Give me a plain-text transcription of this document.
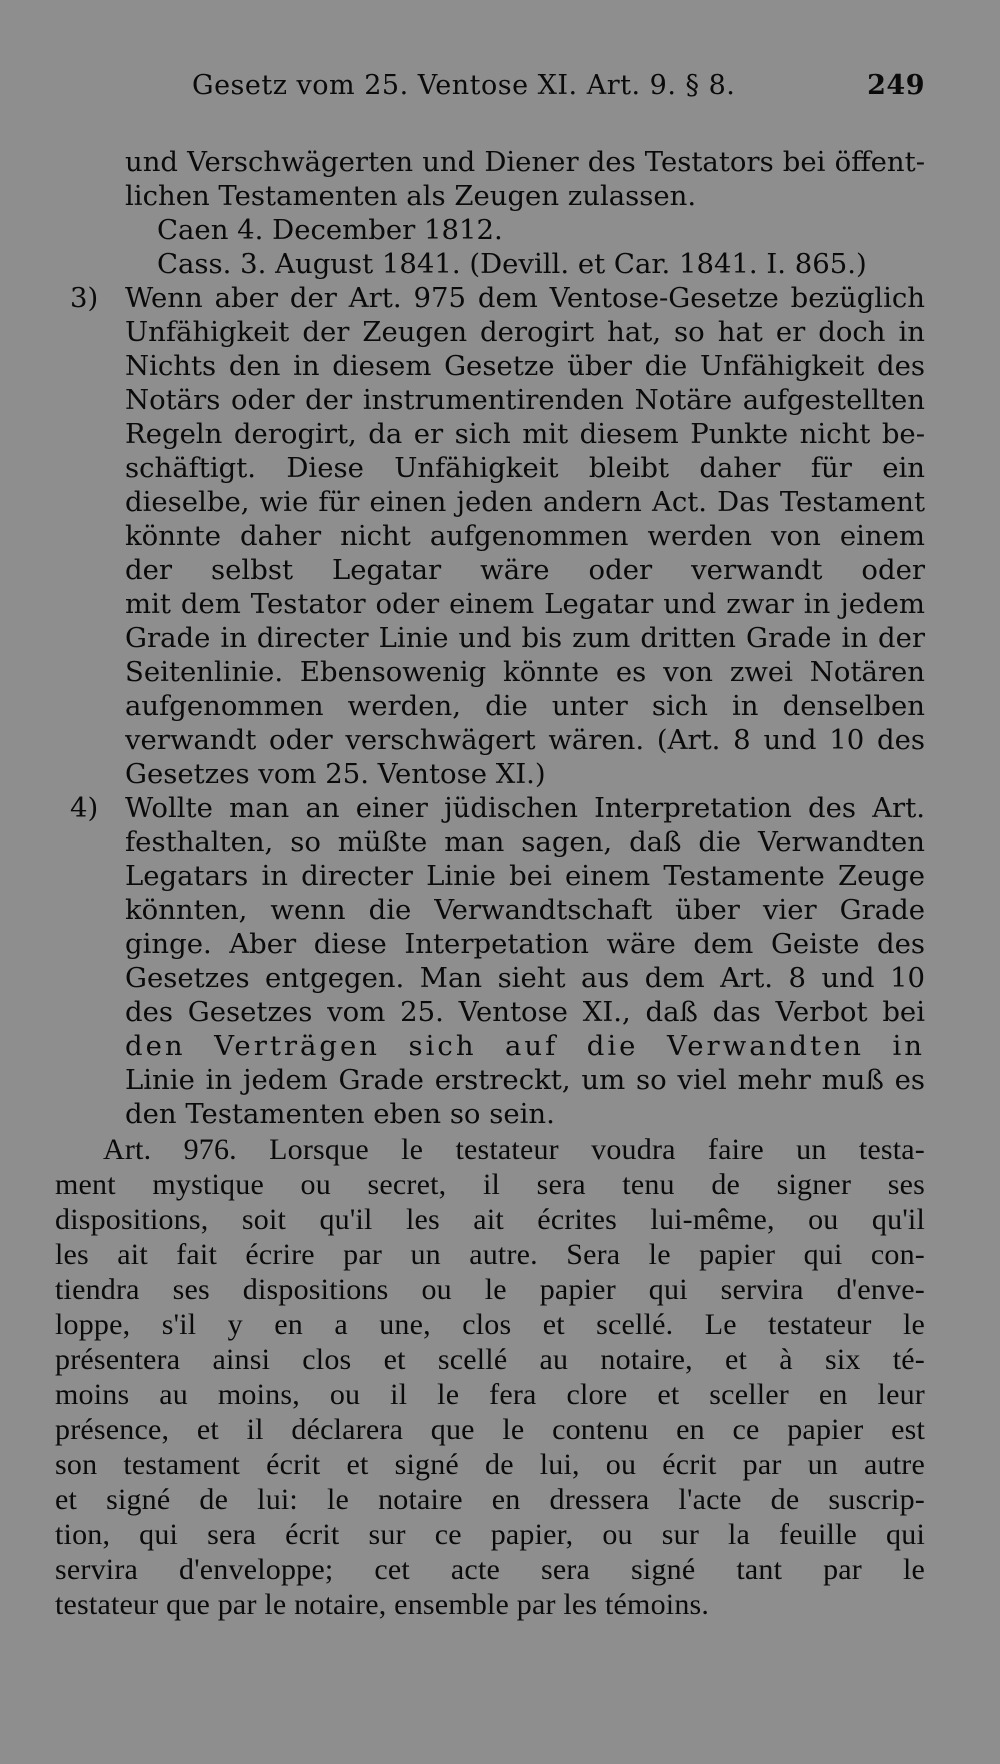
Gesetz vom 25. Ventose XI. Art. 9. § 8.	249
und Verschwägerten und Diener des Testators bei öffent-
lichen Testamenten als Zeugen zulassen.
Caen 4. December 1812.
Cass. 3. August 1841. (Devill. et Car. 1841. I. 865.)
3) Wenn aber der Art. 975 dem Ventose-Gesetze bezüglich
Unfähigkeit der Zeugen derogirt hat, so hat er doch in
Nichts den in diesem Gesetze über die Unfähigkeit des
Notärs oder der instrumentirenden Notäre aufgestellten
Regeln derogirt, da er sich mit diesem Punkte nicht be-
schäftigt. Diese Unfähigkeit bleibt daher für ein
dieselbe, wie für einen jeden andern Act. Das Testament
könnte daher nicht aufgenommen werden von einem
der selbst Legatar wäre oder verwandt oder
mit dem Testator oder einem Legatar und zwar in jedem
Grade in directer Linie und bis zum dritten Grade in der
Seitenlinie. Ebensowenig könnte es von zwei Notären
aufgenommen werden, die unter sich in denselben
verwandt oder verschwägert wären. (Art. 8 und 10 des
Gesetzes vom 25. Ventose XI.)
4) Wollte man an einer jüdischen Interpretation des Art.
festhalten, so müßte man sagen, daß die Verwandten
Legatars in directer Linie bei einem Testamente Zeuge
könnten, wenn die Verwandtschaft über vier Grade
ginge. Aber diese Interpetation wäre dem Geiste des
Gesetzes entgegen. Man sieht aus dem Art. 8 und 10
des Gesetzes vom 25. Ventose XI., daß das Verbot bei
den Verträgen sich auf die Verwandten in
Linie in jedem Grade erstreckt, um so viel mehr muß es
den Testamenten eben so sein.
Art. 976. Lorsque le testateur voudra faire un testa-
ment mystique ou secret, il sera tenu de signer ses
dispositions, soit qu'il les ait écrites lui-même, ou qu'il
les ait fait écrire par un autre. Sera le papier qui con-
tiendra ses dispositions ou le papier qui servira d'enve-
loppe, s'il y en a une, clos et scellé. Le testateur le
présentera ainsi clos et scellé au notaire, et à six té-
moins au moins, ou il le fera clore et sceller en leur
présence, et il déclarera que le contenu en ce papier est
son testament écrit et signé de lui, ou écrit par un autre
et signé de lui: le notaire en dressera l'acte de suscrip-
tion, qui sera écrit sur ce papier, ou sur la feuille qui
servira d'enveloppe; cet acte sera signé tant par le
testateur que par le notaire, ensemble par les témoins.
